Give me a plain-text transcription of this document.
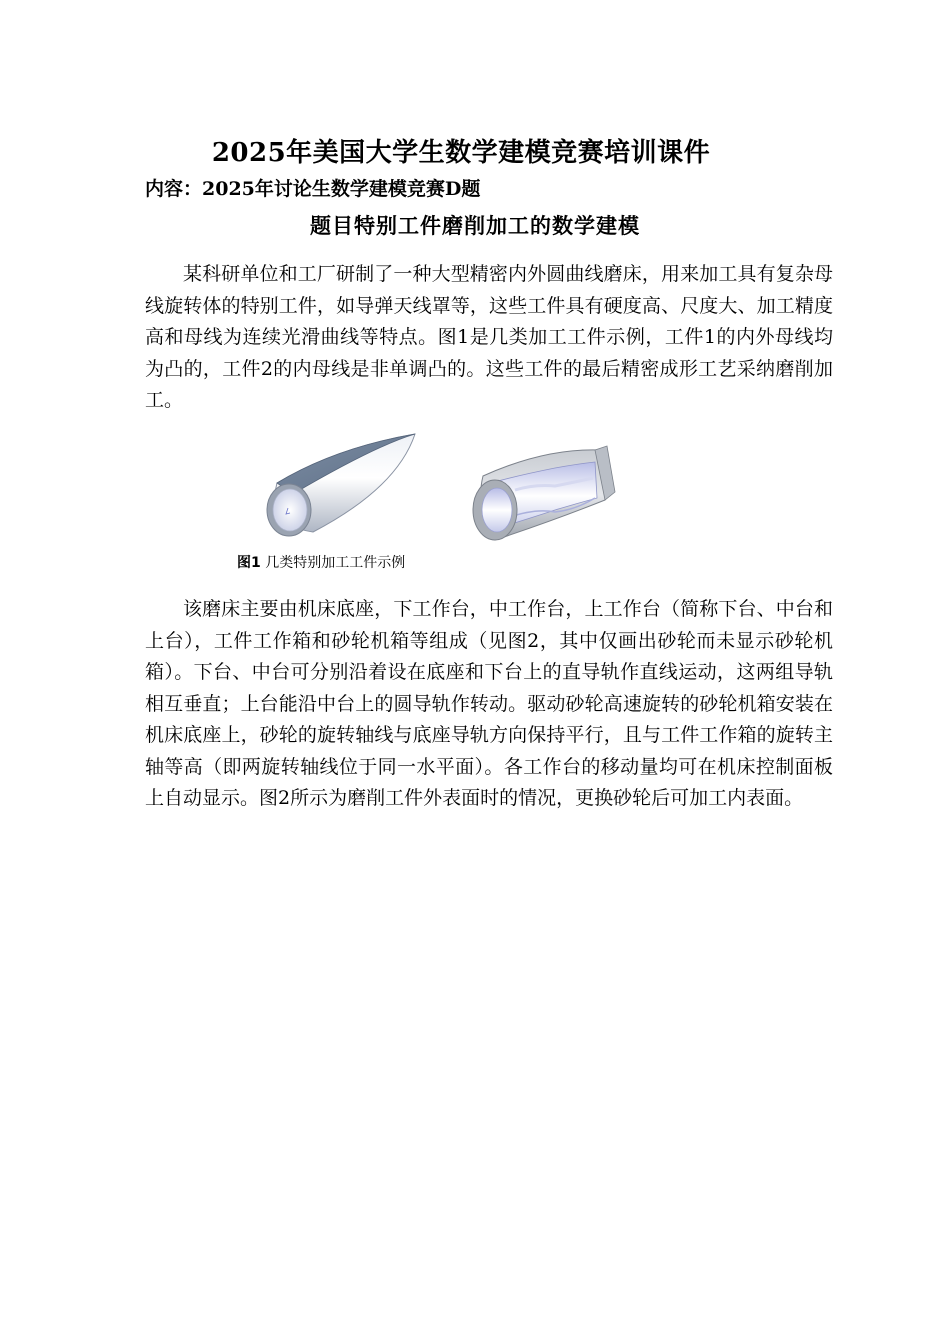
2025年美国大学生数学建模竞赛培训课件

内容：2025年讨论生数学建模竞赛D题

题目特别工件磨削加工的数学建模

某科研单位和工厂研制了一种大型精密内外圆曲线磨床，用来加工具有复杂母线旋转体的特别工件，如导弹天线罩等，这些工件具有硬度高、尺度大、加工精度高和母线为连续光滑曲线等特点。图1是几类加工工件示例，工件1的内外母线均为凸的，工件2的内母线是非单调凸的。这些工件的最后精密成形工艺采纳磨削加工。

图1 几类特别加工工件示例

该磨床主要由机床底座，下工作台，中工作台，上工作台（简称下台、中台和上台），工件工作箱和砂轮机箱等组成（见图2，其中仅画出砂轮而未显示砂轮机箱）。下台、中台可分别沿着设在底座和下台上的直导轨作直线运动，这两组导轨相互垂直；上台能沿中台上的圆导轨作转动。驱动砂轮高速旋转的砂轮机箱安装在机床底座上，砂轮的旋转轴线与底座导轨方向保持平行，且与工件工作箱的旋转主轴等高（即两旋转轴线位于同一水平面）。各工作台的移动量均可在机床控制面板上自动显示。图2所示为磨削工件外表面时的情况，更换砂轮后可加工内表面。
